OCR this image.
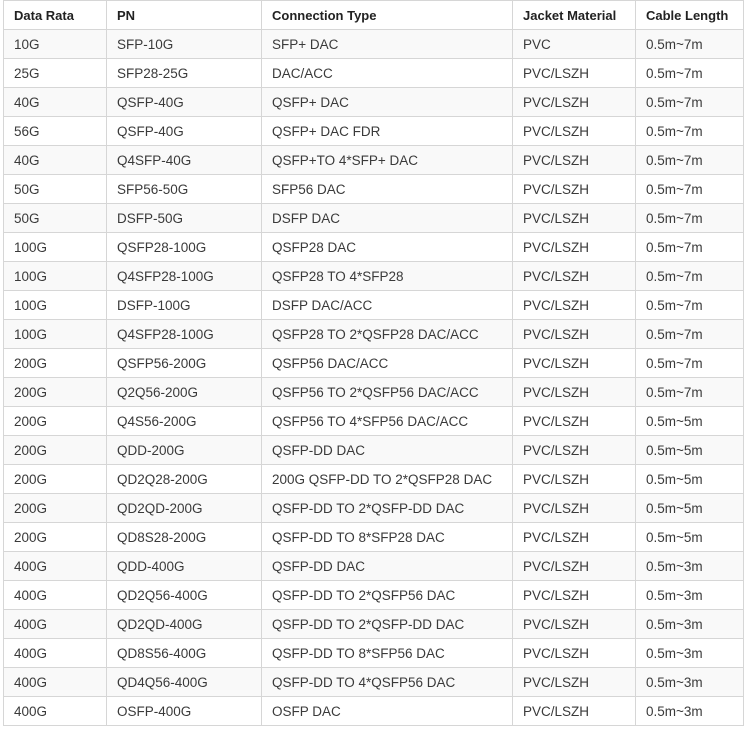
Data Rata	PN	Connection Type	Jacket Material	Cable Length
10G	SFP-10G	SFP+ DAC	PVC	0.5m~7m
25G	SFP28-25G	DAC/ACC	PVC/LSZH	0.5m~7m
40G	QSFP-40G	QSFP+ DAC	PVC/LSZH	0.5m~7m
56G	QSFP-40G	QSFP+ DAC FDR	PVC/LSZH	0.5m~7m
40G	Q4SFP-40G	QSFP+TO 4*SFP+ DAC	PVC/LSZH	0.5m~7m
50G	SFP56-50G	SFP56 DAC	PVC/LSZH	0.5m~7m
50G	DSFP-50G	DSFP DAC	PVC/LSZH	0.5m~7m
100G	QSFP28-100G	QSFP28 DAC	PVC/LSZH	0.5m~7m
100G	Q4SFP28-100G	QSFP28 TO 4*SFP28	PVC/LSZH	0.5m~7m
100G	DSFP-100G	DSFP DAC/ACC	PVC/LSZH	0.5m~7m
100G	Q4SFP28-100G	QSFP28 TO 2*QSFP28 DAC/ACC	PVC/LSZH	0.5m~7m
200G	QSFP56-200G	QSFP56 DAC/ACC	PVC/LSZH	0.5m~7m
200G	Q2Q56-200G	QSFP56 TO 2*QSFP56 DAC/ACC	PVC/LSZH	0.5m~7m
200G	Q4S56-200G	QSFP56 TO 4*SFP56 DAC/ACC	PVC/LSZH	0.5m~5m
200G	QDD-200G	QSFP-DD DAC	PVC/LSZH	0.5m~5m
200G	QD2Q28-200G	200G QSFP-DD TO 2*QSFP28 DAC	PVC/LSZH	0.5m~5m
200G	QD2QD-200G	QSFP-DD TO 2*QSFP-DD DAC	PVC/LSZH	0.5m~5m
200G	QD8S28-200G	QSFP-DD TO 8*SFP28 DAC	PVC/LSZH	0.5m~5m
400G	QDD-400G	QSFP-DD DAC	PVC/LSZH	0.5m~3m
400G	QD2Q56-400G	QSFP-DD TO 2*QSFP56 DAC	PVC/LSZH	0.5m~3m
400G	QD2QD-400G	QSFP-DD TO 2*QSFP-DD DAC	PVC/LSZH	0.5m~3m
400G	QD8S56-400G	QSFP-DD TO 8*SFP56 DAC	PVC/LSZH	0.5m~3m
400G	QD4Q56-400G	QSFP-DD TO 4*QSFP56 DAC	PVC/LSZH	0.5m~3m
400G	OSFP-400G	OSFP DAC	PVC/LSZH	0.5m~3m
